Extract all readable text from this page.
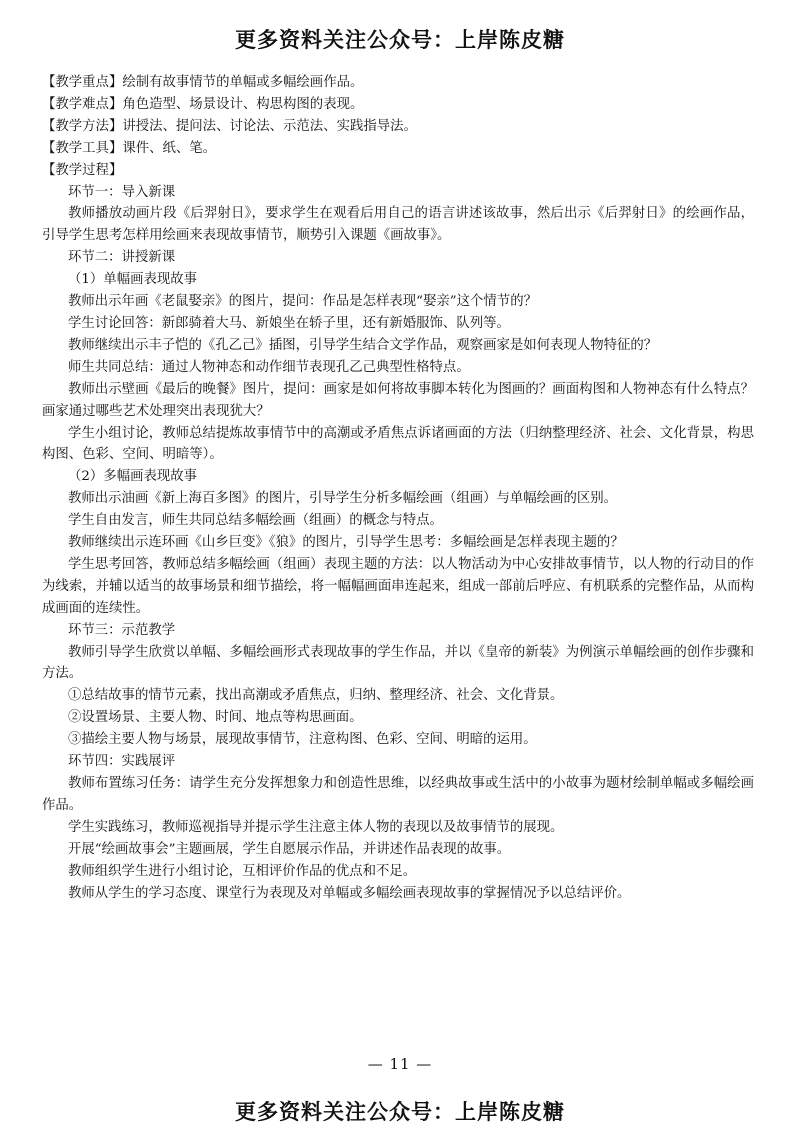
更多资料关注公众号：上岸陈皮糖
【教学重点】绘制有故事情节的单幅或多幅绘画作品。
【教学难点】角色造型、场景设计、构思构图的表现。
【教学方法】讲授法、提问法、讨论法、示范法、实践指导法。
【教学工具】课件、纸、笔。
【教学过程】
环节一：导入新课
教师播放动画片段《后羿射日》，要求学生在观看后用自己的语言讲述该故事，然后出示《后羿射日》的绘画作品，引导学生思考怎样用绘画来表现故事情节，顺势引入课题《画故事》。
环节二：讲授新课
（1）单幅画表现故事
教师出示年画《老鼠娶亲》的图片，提问：作品是怎样表现“娶亲”这个情节的？
学生讨论回答：新郎骑着大马、新娘坐在轿子里，还有新婚服饰、队列等。
教师继续出示丰子恺的《孔乙己》插图，引导学生结合文学作品，观察画家是如何表现人物特征的？
师生共同总结：通过人物神态和动作细节表现孔乙己典型性格特点。
教师出示壁画《最后的晚餐》图片，提问：画家是如何将故事脚本转化为图画的？画面构图和人物神态有什么特点？画家通过哪些艺术处理突出表现犹大？
学生小组讨论，教师总结提炼故事情节中的高潮或矛盾焦点诉诸画面的方法（归纳整理经济、社会、文化背景，构思构图、色彩、空间、明暗等）。
（2）多幅画表现故事
教师出示油画《新上海百多图》的图片，引导学生分析多幅绘画（组画）与单幅绘画的区别。
学生自由发言，师生共同总结多幅绘画（组画）的概念与特点。
教师继续出示连环画《山乡巨变》《狼》的图片，引导学生思考：多幅绘画是怎样表现主题的？
学生思考回答，教师总结多幅绘画（组画）表现主题的方法：以人物活动为中心安排故事情节，以人物的行动目的作为线索，并辅以适当的故事场景和细节描绘，将一幅幅画面串连起来，组成一部前后呼应、有机联系的完整作品，从而构成画面的连续性。
环节三：示范教学
教师引导学生欣赏以单幅、多幅绘画形式表现故事的学生作品，并以《皇帝的新装》为例演示单幅绘画的创作步骤和方法。
①总结故事的情节元素，找出高潮或矛盾焦点，归纳、整理经济、社会、文化背景。
②设置场景、主要人物、时间、地点等构思画面。
③描绘主要人物与场景，展现故事情节，注意构图、色彩、空间、明暗的运用。
环节四：实践展评
教师布置练习任务：请学生充分发挥想象力和创造性思维，以经典故事或生活中的小故事为题材绘制单幅或多幅绘画作品。
学生实践练习，教师巡视指导并提示学生注意主体人物的表现以及故事情节的展现。
开展“绘画故事会”主题画展，学生自愿展示作品，并讲述作品表现的故事。
教师组织学生进行小组讨论，互相评价作品的优点和不足。
教师从学生的学习态度、课堂行为表现及对单幅或多幅绘画表现故事的掌握情况予以总结评价。
— 11 —
更多资料关注公众号：上岸陈皮糖
